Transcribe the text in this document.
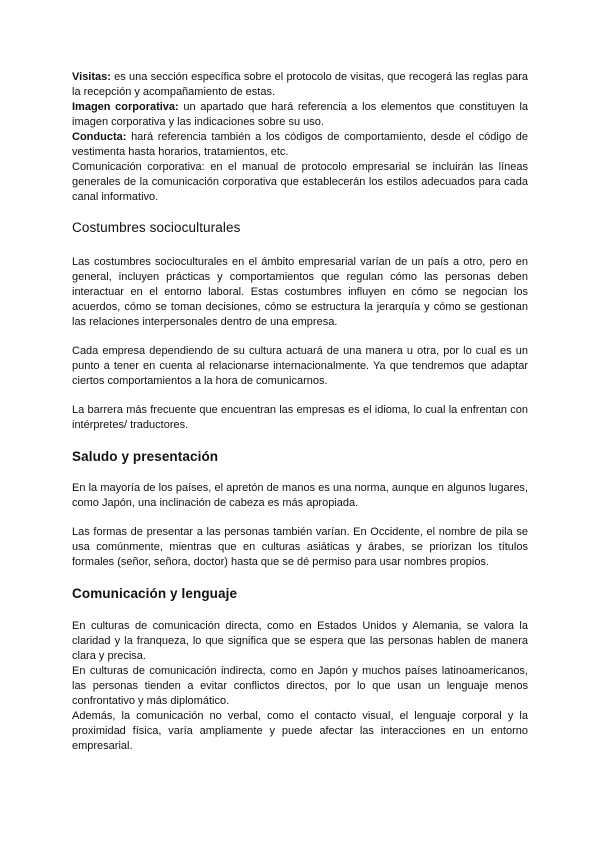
Visitas: es una sección específica sobre el protocolo de visitas, que recogerá las reglas para la recepción y acompañamiento de estas.

Imagen corporativa: un apartado que hará referencia a los elementos que constituyen la imagen corporativa y las indicaciones sobre su uso.

Conducta: hará referencia también a los códigos de comportamiento, desde el código de vestimenta hasta horarios, tratamientos, etc.

Comunicación corporativa: en el manual de protocolo empresarial se incluirán las líneas generales de la comunicación corporativa que establecerán los estilos adecuados para cada canal informativo.

Costumbres socioculturales

Las costumbres socioculturales en el ámbito empresarial varían de un país a otro, pero en general, incluyen prácticas y comportamientos que regulan cómo las personas deben interactuar en el entorno laboral. Estas costumbres influyen en cómo se negocian los acuerdos, cómo se toman decisiones, cómo se estructura la jerarquía y cómo se gestionan las relaciones interpersonales dentro de una empresa.

Cada empresa dependiendo de su cultura actuará de una manera u otra, por lo cual es un punto a tener en cuenta al relacionarse internacionalmente. Ya que tendremos que adaptar ciertos comportamientos a la hora de comunicarnos.

La barrera más frecuente que encuentran las empresas es el idioma, lo cual la enfrentan con intérpretes/ traductores.

Saludo y presentación

En la mayoría de los países, el apretón de manos es una norma, aunque en algunos lugares, como Japón, una inclinación de cabeza es más apropiada.

Las formas de presentar a las personas también varían. En Occidente, el nombre de pila se usa comúnmente, mientras que en culturas asiáticas y árabes, se priorizan los títulos formales (señor, señora, doctor) hasta que se dé permiso para usar nombres propios.

Comunicación y lenguaje

En culturas de comunicación directa, como en Estados Unidos y Alemania, se valora la claridad y la franqueza, lo que significa que se espera que las personas hablen de manera clara y precisa.

En culturas de comunicación indirecta, como en Japón y muchos países latinoamericanos, las personas tienden a evitar conflictos directos, por lo que usan un lenguaje menos confrontativo y más diplomático.

Además, la comunicación no verbal, como el contacto visual, el lenguaje corporal y la proximidad física, varía ampliamente y puede afectar las interacciones en un entorno empresarial.
